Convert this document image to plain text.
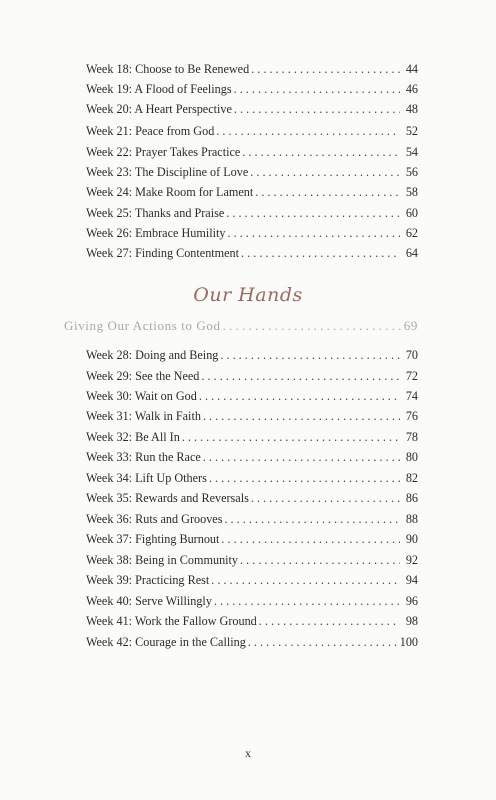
Week 18: Choose to Be Renewed . . .	44
Week 19: A Flood of Feelings . . .	46
Week 20: A Heart Perspective . . .	48
Week 21: Peace from God . . .	52
Week 22: Prayer Takes Practice . . .	54
Week 23: The Discipline of Love . . .	56
Week 24: Make Room for Lament . . .	58
Week 25: Thanks and Praise . . .	60
Week 26: Embrace Humility . . .	62
Week 27: Finding Contentment . . .	64
Our Hands
Giving Our Actions to God . . .	69
Week 28: Doing and Being . . .	70
Week 29: See the Need . . .	72
Week 30: Wait on God . . .	74
Week 31: Walk in Faith . . .	76
Week 32: Be All In . . .	78
Week 33: Run the Race . . .	80
Week 34: Lift Up Others . . .	82
Week 35: Rewards and Reversals . . .	86
Week 36: Ruts and Grooves . . .	88
Week 37: Fighting Burnout . . .	90
Week 38: Being in Community . . .	92
Week 39: Practicing Rest . . .	94
Week 40: Serve Willingly . . .	96
Week 41: Work the Fallow Ground . . .	98
Week 42: Courage in the Calling . . .	100
x
